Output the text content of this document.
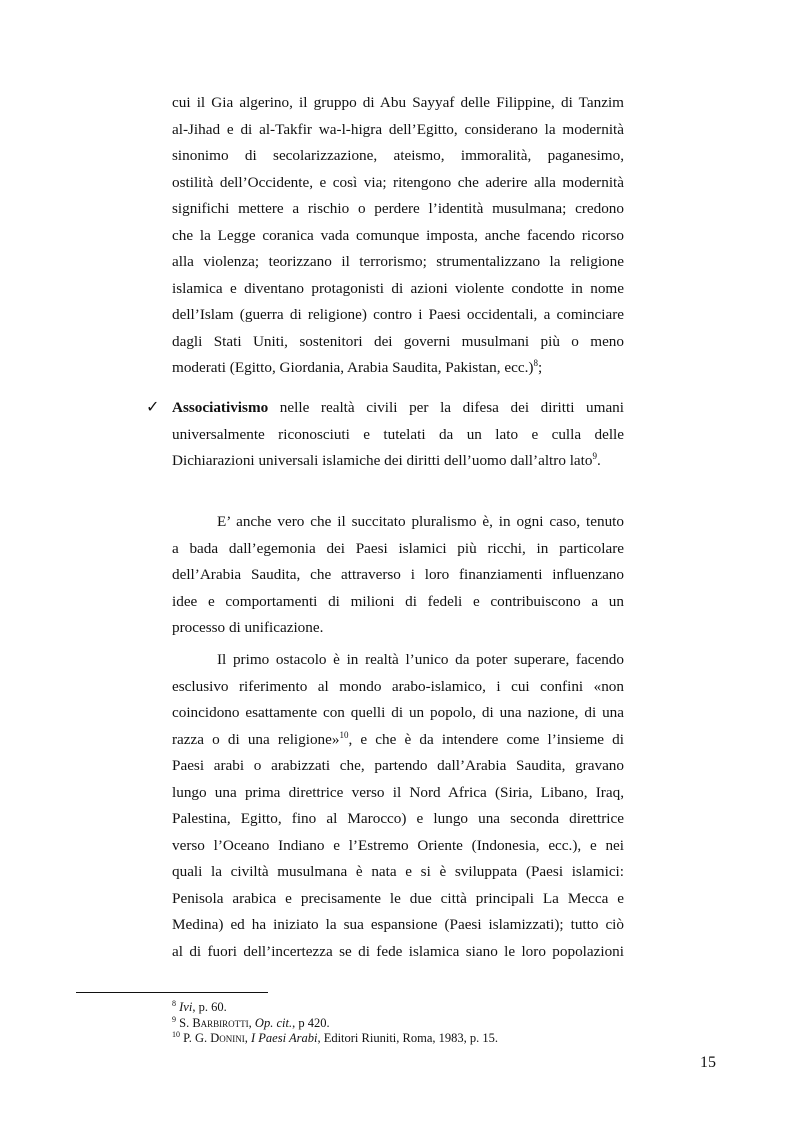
cui il Gia algerino, il gruppo di Abu Sayyaf delle Filippine, di Tanzim
al-Jihad e di al-Takfir wa-l-higra dell’Egitto, considerano la modernità
sinonimo di secolarizzazione, ateismo, immoralità, paganesimo,
ostilità dell’Occidente, e così via; ritengono che aderire alla modernità
significhi mettere a rischio o perdere l’identità musulmana; credono
che la Legge coranica vada comunque imposta, anche facendo ricorso
alla violenza; teorizzano il terrorismo; strumentalizzano la religione
islamica e diventano protagonisti di azioni violente condotte in nome
dell’Islam (guerra di religione) contro i Paesi occidentali, a cominciare
dagli Stati Uniti, sostenitori dei governi musulmani più o meno
moderati (Egitto, Giordania, Arabia Saudita, Pakistan, ecc.)$^8$;
✓ Associativismo nelle realtà civili per la difesa dei diritti umani
universalmente riconosciuti e tutelati da un lato e culla delle
Dichiarazioni universali islamiche dei diritti dell’uomo dall’altro lato$^9$.
E’ anche vero che il succitato pluralismo è, in ogni caso, tenuto
a bada dall’egemonia dei Paesi islamici più ricchi, in particolare
dell’Arabia Saudita, che attraverso i loro finanziamenti influenzano
idee e comportamenti di milioni di fedeli e contribuiscono a un
processo di unificazione.
Il primo ostacolo è in realtà l’unico da poter superare, facendo
esclusivo riferimento al mondo arabo-islamico, i cui confini «non
coincidono esattamente con quelli di un popolo, di una nazione, di una
razza o di una religione»$^{10}$, e che è da intendere come l’insieme di
Paesi arabi o arabizzati che, partendo dall’Arabia Saudita, gravano
lungo una prima direttrice verso il Nord Africa (Siria, Libano, Iraq,
Palestina, Egitto, fino al Marocco) e lungo una seconda direttrice
verso l’Oceano Indiano e l’Estremo Oriente (Indonesia, ecc.), e nei
quali la civiltà musulmana è nata e si è sviluppata (Paesi islamici:
Penisola arabica e precisamente le due città principali La Mecca e
Medina) ed ha iniziato la sua espansione (Paesi islamizzati); tutto ciò
al di fuori dell’incertezza se di fede islamica siano le loro popolazioni
$^8$ Ivi, p. 60.
$^9$ S. Barbirotti, Op. cit., p 420.
$^{10}$ P. G. Donini, I Paesi Arabi, Editori Riuniti, Roma, 1983, p. 15.
15
